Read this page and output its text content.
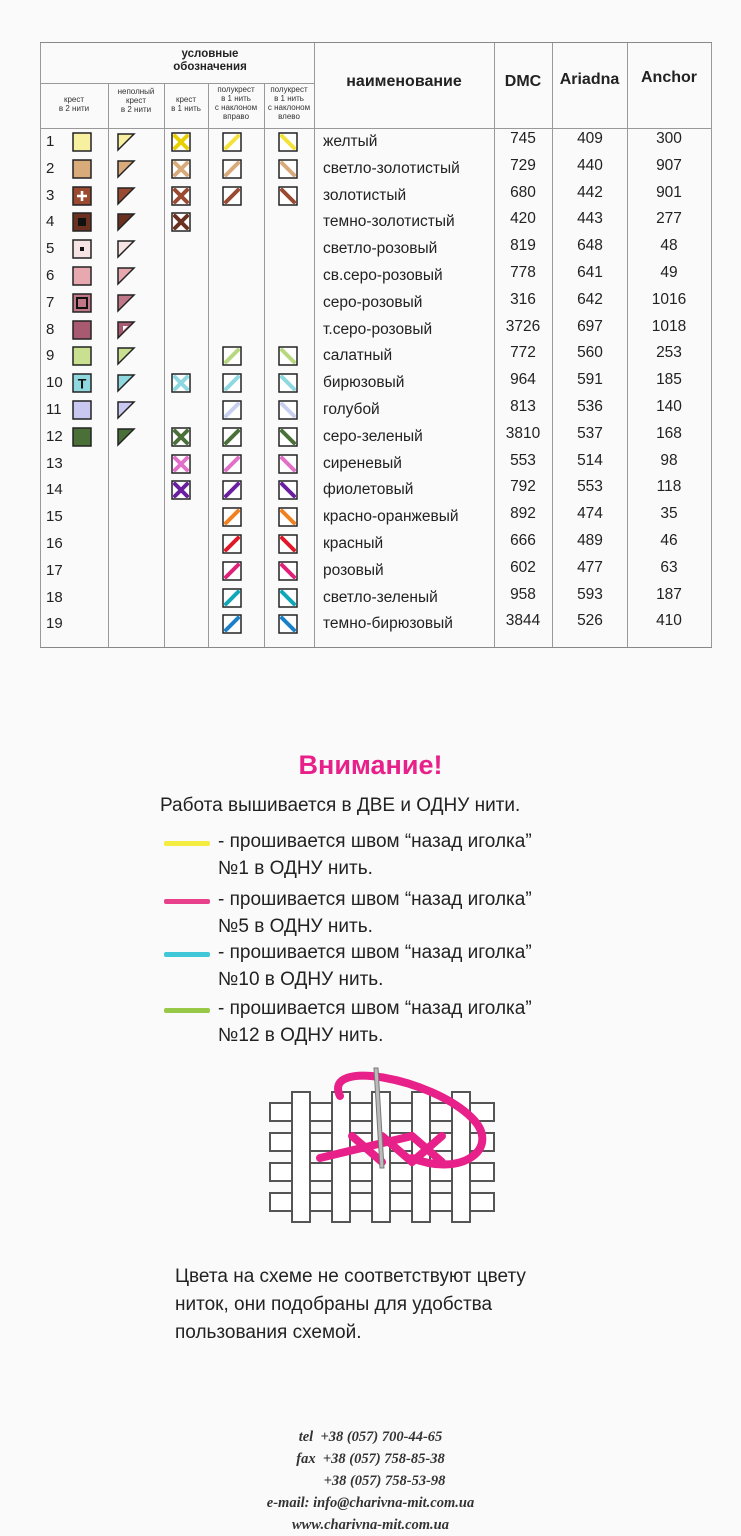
условные
обозначения
крест
в 2 нити
неполный
крест
в 2 нити
крест
в 1 нить
полукрест
в 1 нить
с наклоном
вправо
полукрест
в 1 нить
с наклоном
влево
наименование	DMC	Ariadna	Anchor
1	желтый	745	409	300
2	светло-золотистый	729	440	907
3	золотистый	680	442	901
4	темно-золотистый	420	443	277
5	светло-розовый	819	648	48
6	св.серо-розовый	778	641	49
7	серо-розовый	316	642	1016
8	т.серо-розовый	3726	697	1018
9	салатный	772	560	253
10 T	бирюзовый	964	591	185
11	голубой	813	536	140
12	серо-зеленый	3810	537	168
13	сиреневый	553	514	98
14	фиолетовый	792	553	118
15	красно-оранжевый	892	474	35
16	красный	666	489	46
17	розовый	602	477	63
18	светло-зеленый	958	593	187
19	темно-бирюзовый	3844	526	410
Внимание!
Работа вышивается в ДВЕ и ОДНУ нити.
- прошивается швом “назад иголка”
№1 в ОДНУ нить.
- прошивается швом “назад иголка”
№5 в ОДНУ нить.
- прошивается швом “назад иголка”
№10 в ОДНУ нить.
- прошивается швом “назад иголка”
№12 в ОДНУ нить.
Цвета на схеме не соответствуют цвету
ниток, они подобраны для удобства
пользования схемой.
tel +38 (057) 700-44-65
fax +38 (057) 758-85-38
+38 (057) 758-53-98
e-mail: info@charivna-mit.com.ua
www.charivna-mit.com.ua
